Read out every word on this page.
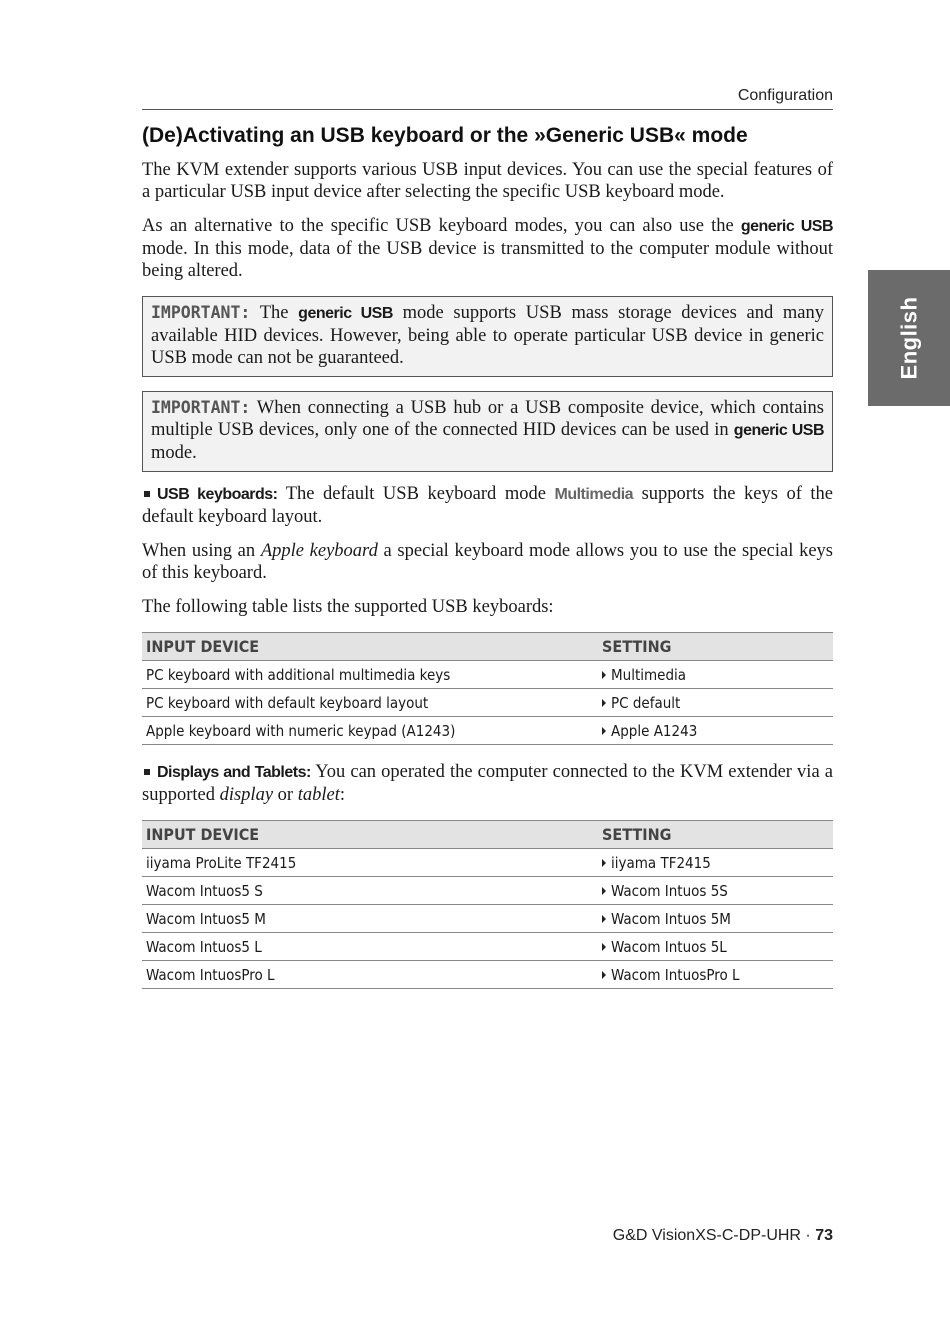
Configuration
English
(De)Activating an USB keyboard or the »Generic USB« mode

The KVM extender supports various USB input devices. You can use the special features of a particular USB input device after selecting the specific USB keyboard mode.

As an alternative to the specific USB keyboard modes, you can also use the generic USB mode. In this mode, data of the USB device is transmitted to the computer module without being altered.

IMPORTANT: The generic USB mode supports USB mass storage devices and many available HID devices. However, being able to operate particular USB device in generic USB mode can not be guaranteed.

IMPORTANT: When connecting a USB hub or a USB composite device, which contains multiple USB devices, only one of the connected HID devices can be used in generic USB mode.

USB keyboards: The default USB keyboard mode Multimedia supports the keys of the default keyboard layout.

When using an Apple keyboard a special keyboard mode allows you to use the special keys of this keyboard.

The following table lists the supported USB keyboards:

INPUT DEVICE	SETTING
PC keyboard with additional multimedia keys	Multimedia
PC keyboard with default keyboard layout	PC default
Apple keyboard with numeric keypad (A1243)	Apple A1243

Displays and Tablets: You can operated the computer connected to the KVM extender via a supported display or tablet:

INPUT DEVICE	SETTING
iiyama ProLite TF2415	iiyama TF2415
Wacom Intuos5 S	Wacom Intuos 5S
Wacom Intuos5 M	Wacom Intuos 5M
Wacom Intuos5 L	Wacom Intuos 5L
Wacom IntuosPro L	Wacom IntuosPro L
G&D VisionXS-C-DP-UHR · 73
